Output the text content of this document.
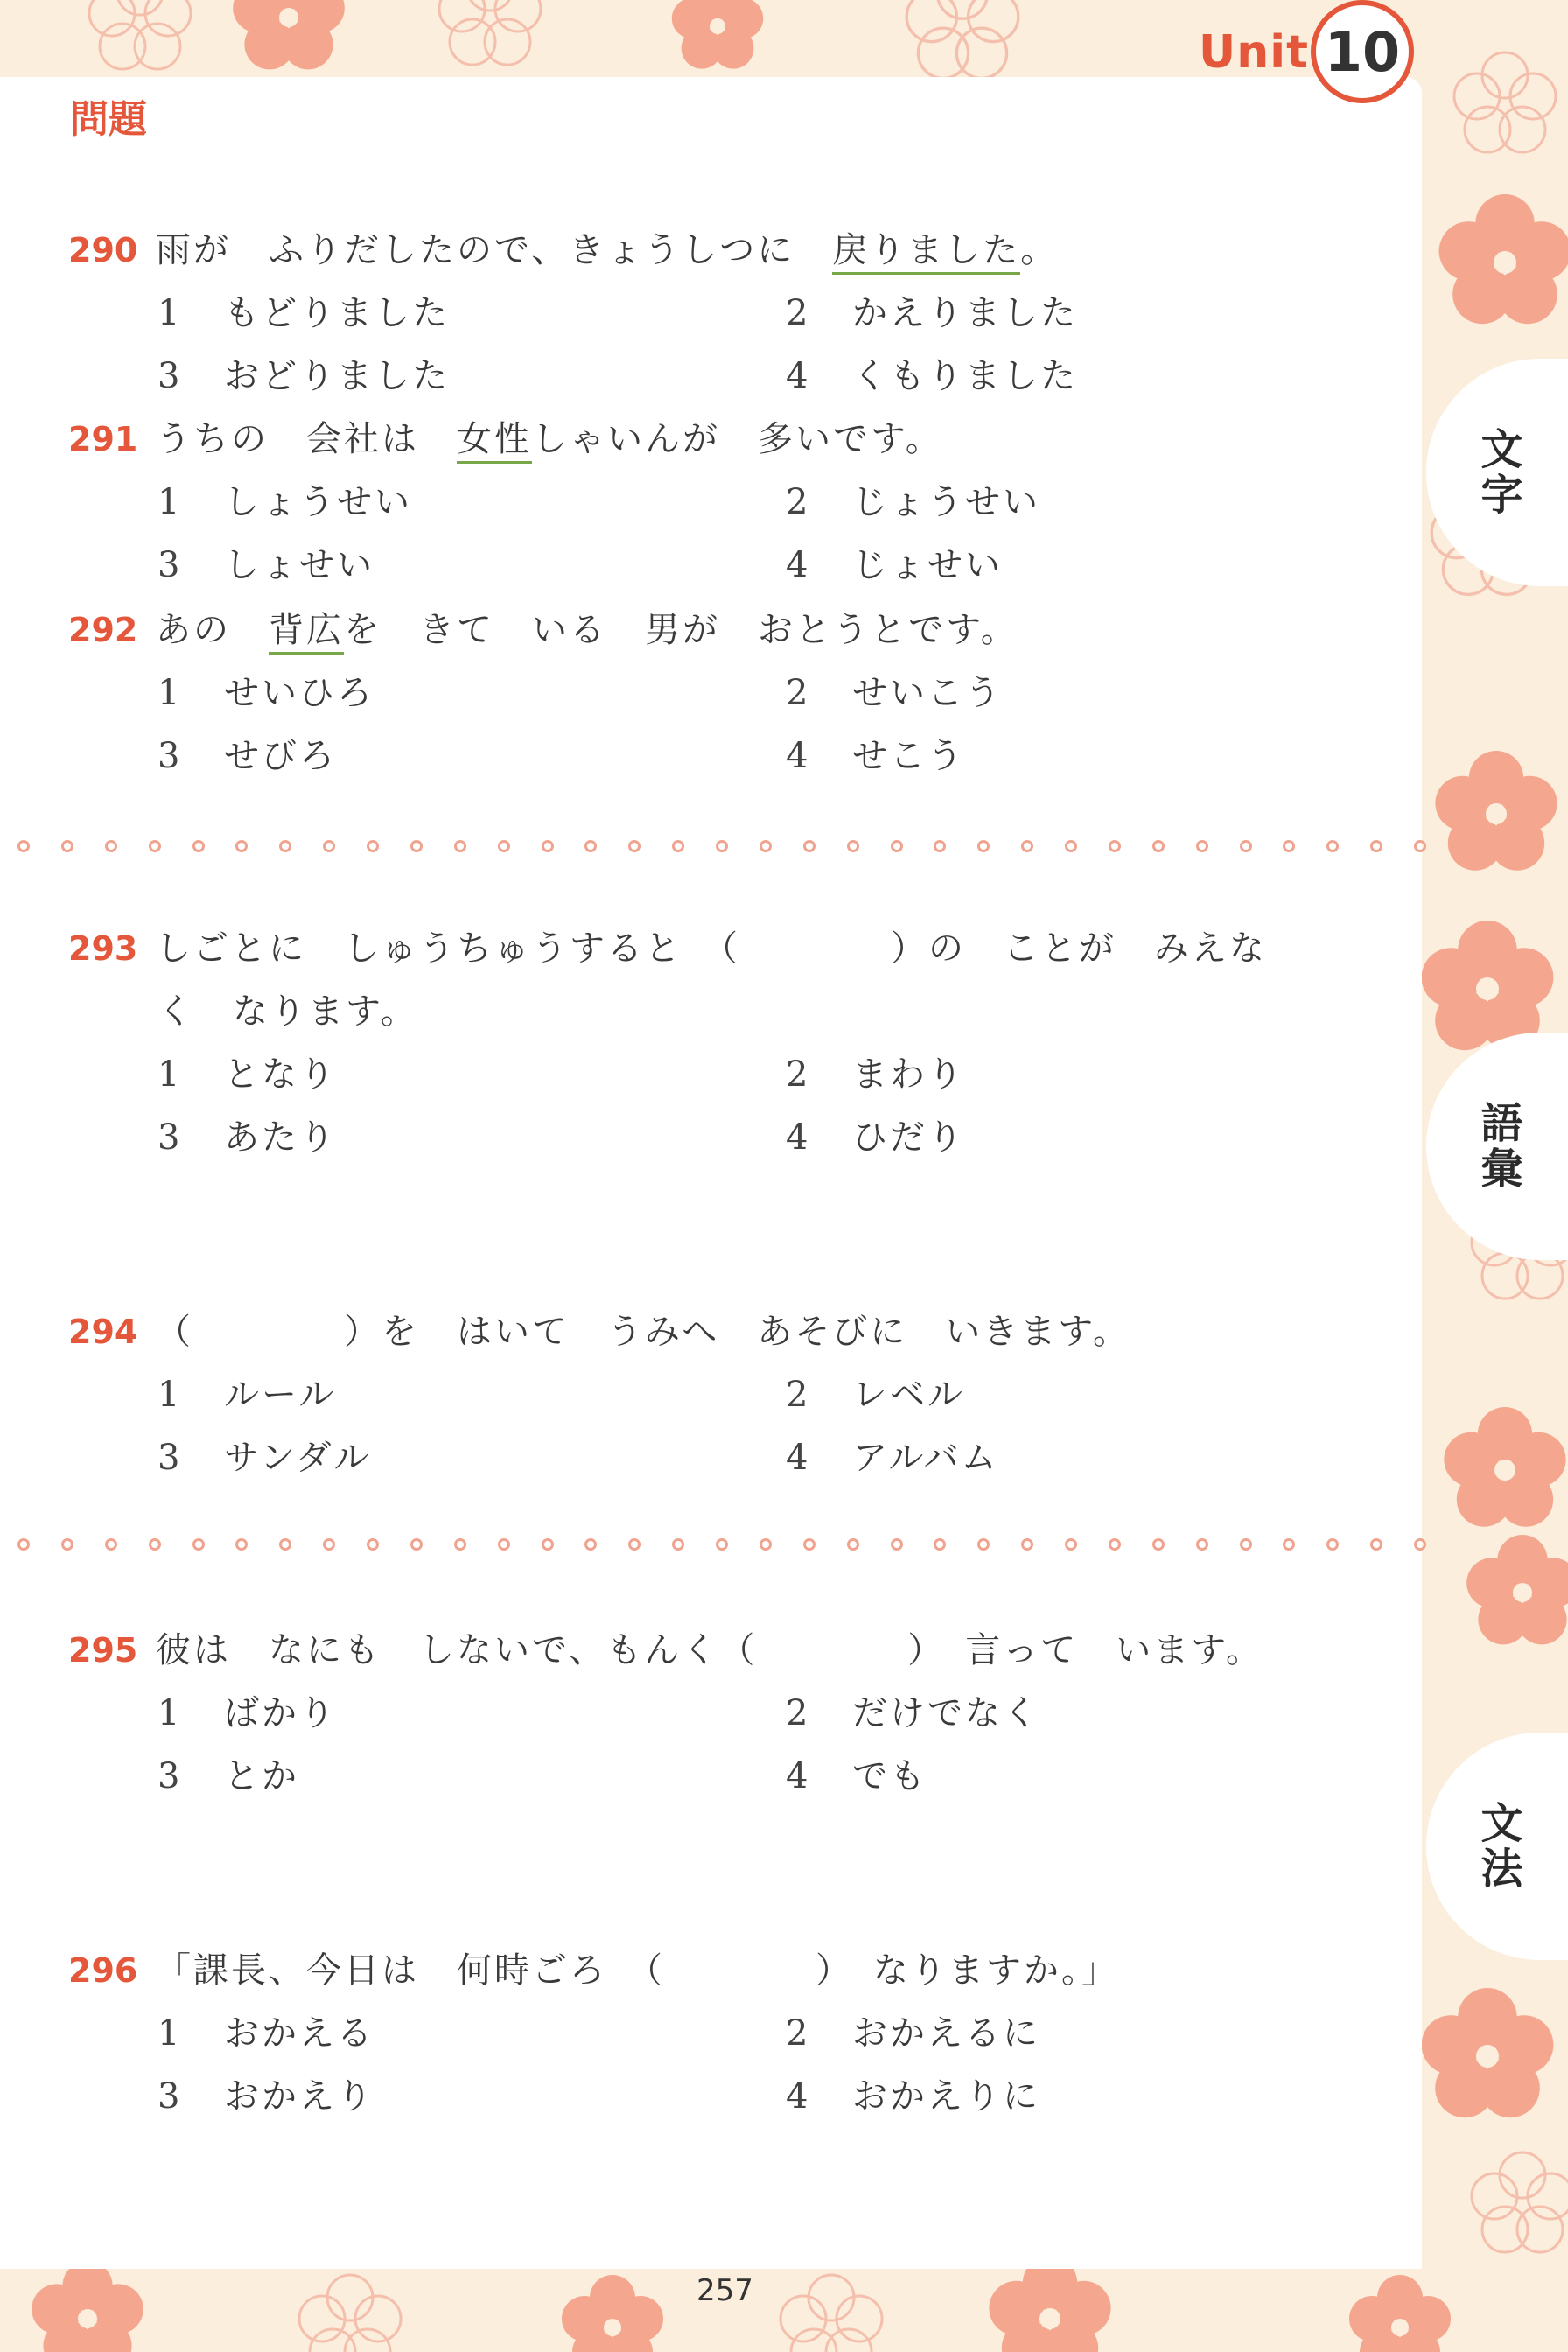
Unit 10
問題
文字
語彙
文法
290 雨が　ふりだしたので、きょうしつに　戻りました。
1 もどりました	2 かえりました
3 おどりました	4 くもりました
291 うちの　会社は　女性しゃいんが　多いです。
1 しょうせい	2 じょうせい
3 しょせい	4 じょせい
292 あの　背広を　きて　いる　男が　おとうとです。
1 せいひろ	2 せいこう
3 せびろ	4 せこう
293 しごとに　しゅうちゅうすると　（　　　　）の　ことが　みえな
く　なります。
1 となり	2 まわり
3 あたり	4 ひだり
294 （　　　　）を　はいて　うみへ　あそびに　いきます。
1 ルール	2 レベル
3 サンダル	4 アルバム
295 彼は　なにも　しないで、もんく（　　　　）　言って　います。
1 ばかり	2 だけでなく
3 とか	4 でも
296 「課長、今日は　何時ごろ　（　　　　）　なりますか。」
1 おかえる	2 おかえるに
3 おかえり	4 おかえりに
257
